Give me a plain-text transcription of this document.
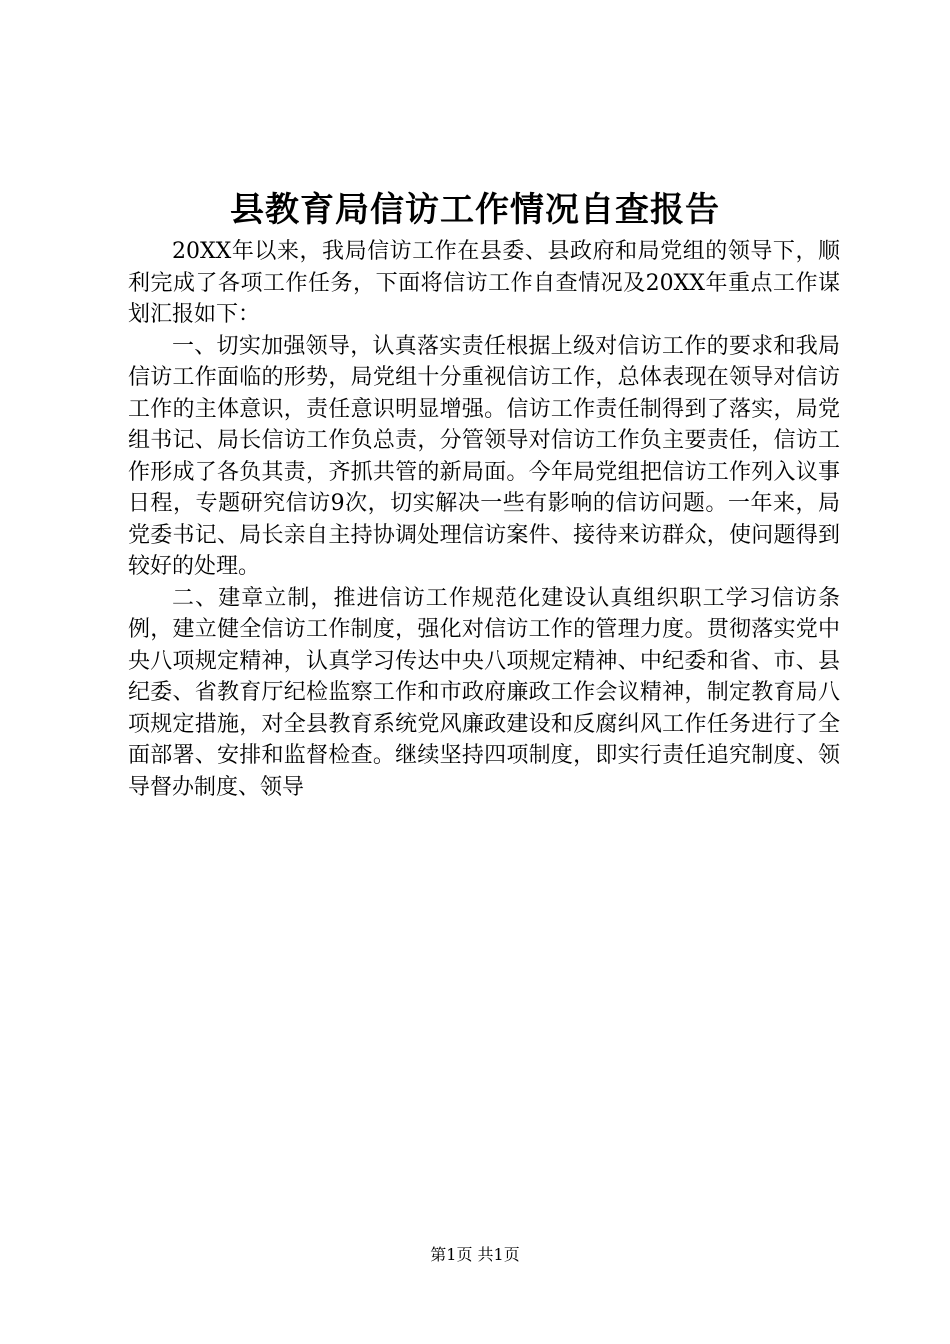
县教育局信访工作情况自查报告

20XX年以来，我局信访工作在县委、县政府和局党组的领导下，顺利完成了各项工作任务，下面将信访工作自查情况及20XX年重点工作谋划汇报如下：

一、切实加强领导，认真落实责任根据上级对信访工作的要求和我局信访工作面临的形势，局党组十分重视信访工作，总体表现在领导对信访工作的主体意识，责任意识明显增强。信访工作责任制得到了落实，局党组书记、局长信访工作负总责，分管领导对信访工作负主要责任，信访工作形成了各负其责，齐抓共管的新局面。今年局党组把信访工作列入议事日程，专题研究信访9次，切实解决一些有影响的信访问题。一年来，局党委书记、局长亲自主持协调处理信访案件、接待来访群众，使问题得到较好的处理。

二、建章立制，推进信访工作规范化建设认真组织职工学习信访条例，建立健全信访工作制度，强化对信访工作的管理力度。贯彻落实党中央八项规定精神，认真学习传达中央八项规定精神、中纪委和省、市、县纪委、省教育厅纪检监察工作和市政府廉政工作会议精神，制定教育局八项规定措施，对全县教育系统党风廉政建设和反腐纠风工作任务进行了全面部署、安排和监督检查。继续坚持四项制度，即实行责任追究制度、领导督办制度、领导

第1页 共1页
